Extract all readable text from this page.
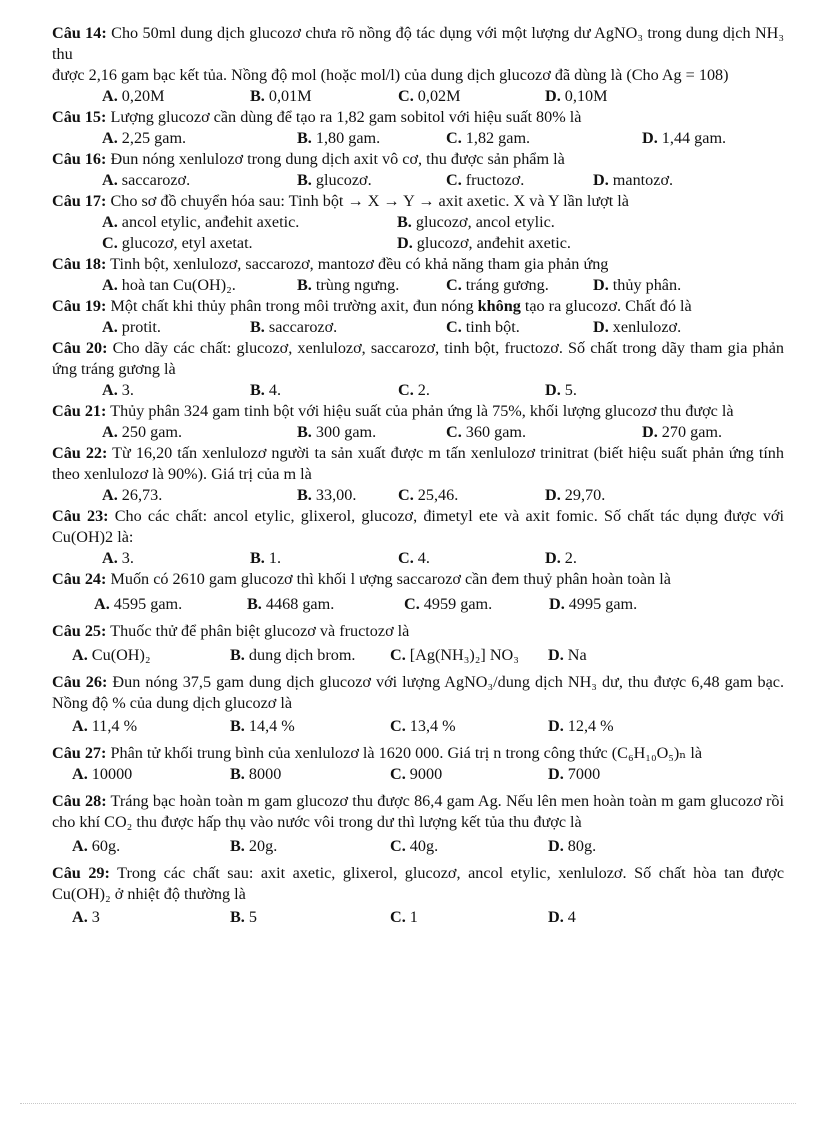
Câu 14: Cho 50ml dung dịch glucozơ chưa rõ nồng độ tác dụng với một lượng dư AgNO₃ trong dung dịch NH₃ thu
được 2,16 gam bạc kết tủa. Nồng độ mol (hoặc mol/l) của dung dịch glucozơ đã dùng là (Cho Ag = 108)
A. 0,20M	B. 0,01M	C. 0,02M	D. 0,10M
Câu 15: Lượng glucozơ cần dùng để tạo ra 1,82 gam sobitol với hiệu suất 80% là
A. 2,25 gam.	B. 1,80 gam.	C. 1,82 gam.	D. 1,44 gam.
Câu 16: Đun nóng xenlulozơ trong dung dịch axit vô cơ, thu được sản phẩm là
A. saccarozơ.	B. glucozơ.	C. fructozơ.	D. mantozơ.
Câu 17: Cho sơ đồ chuyển hóa sau: Tinh bột → X → Y → axit axetic. X và Y lần lượt là
A. ancol etylic, anđehit axetic.	B. glucozơ, ancol etylic.
C. glucozơ, etyl axetat.	D. glucozơ, anđehit axetic.
Câu 18: Tinh bột, xenlulozơ, saccarozơ, mantozơ đều có khả năng tham gia phản ứng
A. hoà tan Cu(OH)₂.	B. trùng ngưng.	C. tráng gương.	D. thủy phân.
Câu 19: Một chất khi thủy phân trong môi trường axit, đun nóng không tạo ra glucozơ. Chất đó là
A. protit.	B. saccarozơ.	C. tinh bột.	D. xenlulozơ.
Câu 20: Cho dãy các chất: glucozơ, xenlulozơ, saccarozơ, tinh bột, fructozơ. Số chất trong dãy tham gia phản ứng tráng gương là
A. 3.	B. 4.	C. 2.	D. 5.
Câu 21: Thủy phân 324 gam tinh bột với hiệu suất của phản ứng là 75%, khối lượng glucozơ thu được là
A. 250 gam.	B. 300 gam.	C. 360 gam.	D. 270 gam.
Câu 22: Từ 16,20 tấn xenlulozơ người ta sản xuất được m tấn xenlulozơ trinitrat (biết hiệu suất phản ứng tính theo xenlulozơ là 90%). Giá trị của m là
A. 26,73.	B. 33,00.	C. 25,46.	D. 29,70.
Câu 23: Cho các chất: ancol etylic, glixerol, glucozơ, đimetyl ete và axit fomic. Số chất tác dụng được với Cu(OH)2 là:
A. 3.	B. 1.	C. 4.	D. 2.
Câu 24: Muốn có 2610 gam glucozơ thì khối l ượng saccarozơ cần đem thuỷ phân hoàn toàn là
A. 4595 gam.	B. 4468 gam.	C. 4959 gam.	D. 4995 gam.
Câu 25: Thuốc thử để phân biệt glucozơ và fructozơ là
A. Cu(OH)₂	B. dung dịch brom. C. [Ag(NH₃)₂] NO₃ D. Na
Câu 26: Đun nóng 37,5 gam dung dịch glucozơ với lượng AgNO₃/dung dịch NH₃ dư, thu được 6,48 gam bạc. Nồng độ % của dung dịch glucozơ là
A. 11,4 %	B. 14,4 %	C. 13,4 %	D. 12,4 %
Câu 27: Phân tử khối trung bình của xenlulozơ là 1620 000. Giá trị n trong công thức (C₆H₁₀O₅)ₙ là
A. 10000	B. 8000	C. 9000	D. 7000
Câu 28: Tráng bạc hoàn toàn m gam glucozơ thu được 86,4 gam Ag. Nếu lên men hoàn toàn m gam glucozơ rồi cho khí CO₂ thu được hấp thụ vào nước vôi trong dư thì lượng kết tủa thu được là
A. 60g.	B. 20g.	C. 40g.	D. 80g.
Câu 29: Trong các chất sau: axit axetic, glixerol, glucozơ, ancol etylic, xenlulozơ. Số chất hòa tan được Cu(OH)₂ ở nhiệt độ thường là
A. 3	B. 5	C. 1	D. 4
